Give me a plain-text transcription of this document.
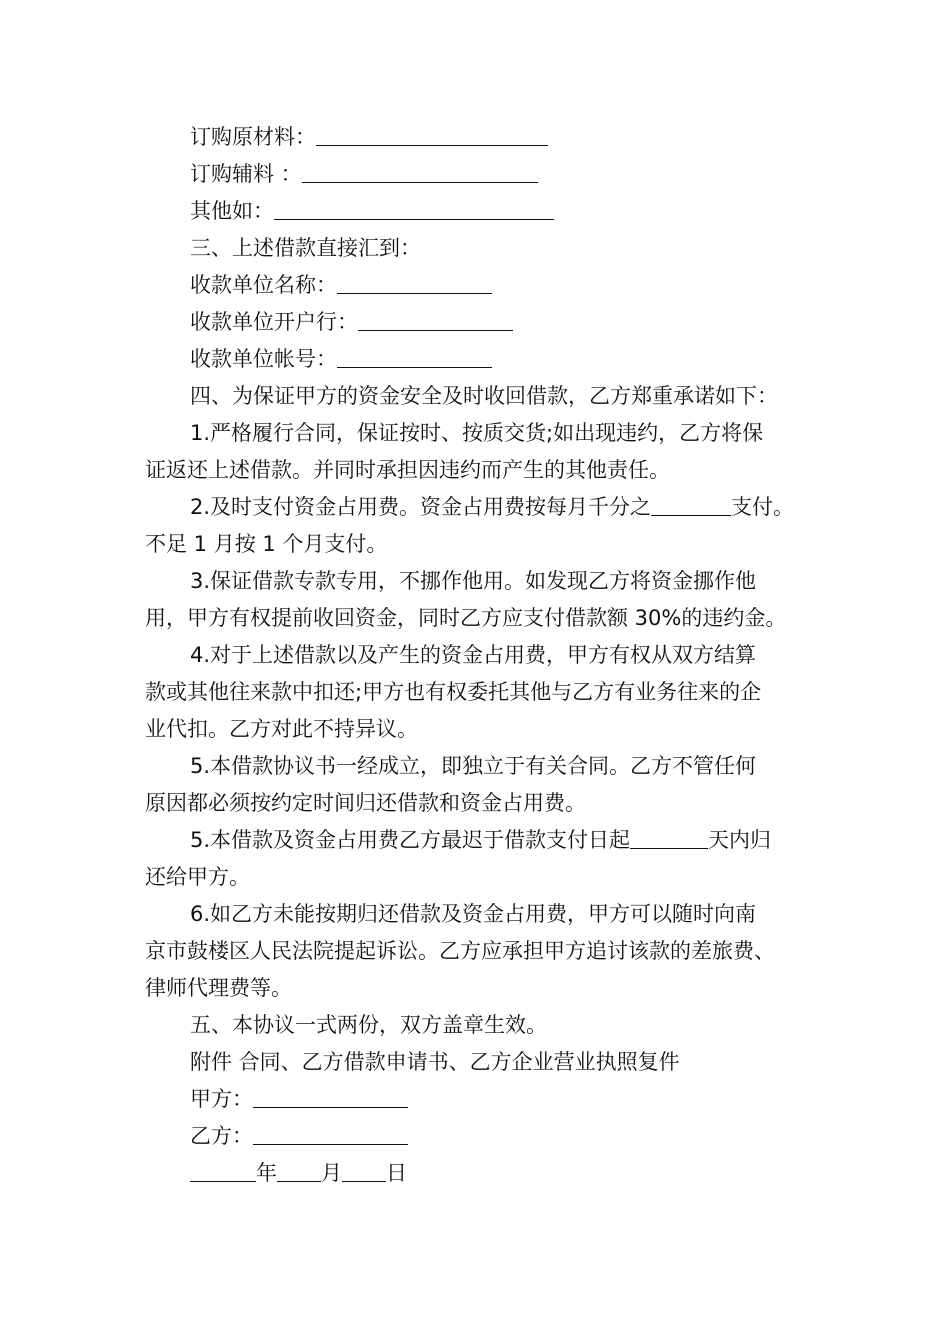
订购原材料：
订购辅料 ：
其他如：
三、上述借款直接汇到：
收款单位名称：
收款单位开户行：
收款单位帐号：
四、为保证甲方的资金安全及时收回借款，乙方郑重承诺如下：
1.严格履行合同，保证按时、按质交货;如出现违约，乙方将保
证返还上述借款。并同时承担因违约而产生的其他责任。
2.及时支付资金占用费。资金占用费按每月千分之	支付。
不足 1 月按 1 个月支付。
3.保证借款专款专用，不挪作他用。如发现乙方将资金挪作他
用，甲方有权提前收回资金，同时乙方应支付借款额 30%的违约金。
4.对于上述借款以及产生的资金占用费，甲方有权从双方结算
款或其他往来款中扣还;甲方也有权委托其他与乙方有业务往来的企
业代扣。乙方对此不持异议。
5.本借款协议书一经成立，即独立于有关合同。乙方不管任何
原因都必须按约定时间归还借款和资金占用费。
5.本借款及资金占用费乙方最迟于借款支付日起	天内归
还给甲方。
6.如乙方未能按期归还借款及资金占用费，甲方可以随时向南
京市鼓楼区人民法院提起诉讼。乙方应承担甲方追讨该款的差旅费、
律师代理费等。
五、本协议一式两份，双方盖章生效。
附件 合同、乙方借款申请书、乙方企业营业执照复件
甲方：
乙方：
年 月 日
